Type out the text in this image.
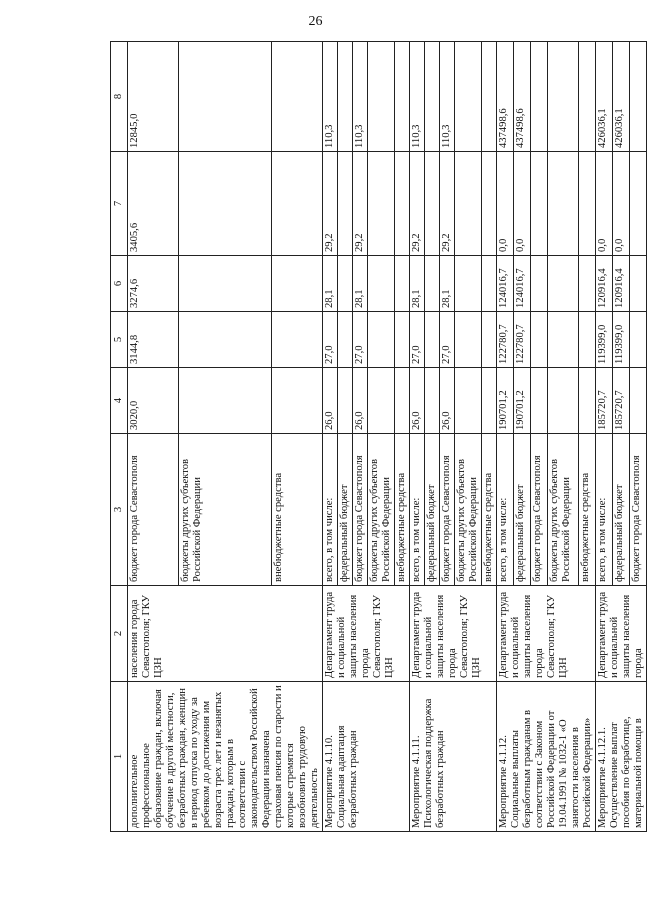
26
1	2	3	4	5	6	7	8
дополнительное профессиональное образование граждан, включая обучение в другой местности, безработных граждан, женщин в период отпуска по уходу за ребенком до достижения им возраста трех лет и незанятых граждан, которым в соответствии с законодательством Российской Федерации назначена страховая пенсия по старости и которые стремятся возобновить трудовую деятельность	населения города Севастополя; ГКУ ЦЗН	бюджет города Севастополя	3020,0	3144,8	3274,6	3405,6	12845,0
		бюджеты других субъектов Российской Федерации					
		внебюджетные средства					
Мероприятие 4.1.10. Социальная адаптация безработных граждан	Департамент труда и социальной защиты населения города Севастополя; ГКУ ЦЗН	всего, в том числе:	26,0	27,0	28,1	29,2	110,3
		федеральный бюджет					
		бюджет города Севастополя	26,0	27,0	28,1	29,2	110,3
		бюджеты других субъектов Российской Федерации					
		внебюджетные средства					
Мероприятие 4.1.11. Психологическая поддержка безработных граждан	Департамент труда и социальной защиты населения города Севастополя; ГКУ ЦЗН	всего, в том числе:	26,0	27,0	28,1	29,2	110,3
		федеральный бюджет					
		бюджет города Севастополя	26,0	27,0	28,1	29,2	110,3
		бюджеты других субъектов Российской Федерации					
		внебюджетные средства					
Мероприятие 4.1.12. Социальные выплаты безработным гражданам в соответствии с Законом Российской Федерации от 19.04.1991 № 1032-1 «О занятости населения в Российской Федерации»	Департамент труда и социальной защиты населения города Севастополя; ГКУ ЦЗН	всего, в том числе:	190701,2	122780,7	124016,7	0,0	437498,6
		федеральный бюджет	190701,2	122780,7	124016,7	0,0	437498,6
		бюджет города Севастополя					
		бюджеты других субъектов Российской Федерации					
		внебюджетные средства					
Мероприятие 4.1.12.1. Осуществление выплат пособия по безработице, материальной помощи в	Департамент труда и социальной защиты населения города	всего, в том числе:	185720,7	119399,0	120916,4	0,0	426036,1
		федеральный бюджет	185720,7	119399,0	120916,4	0,0	426036,1
		бюджет города Севастополя					
